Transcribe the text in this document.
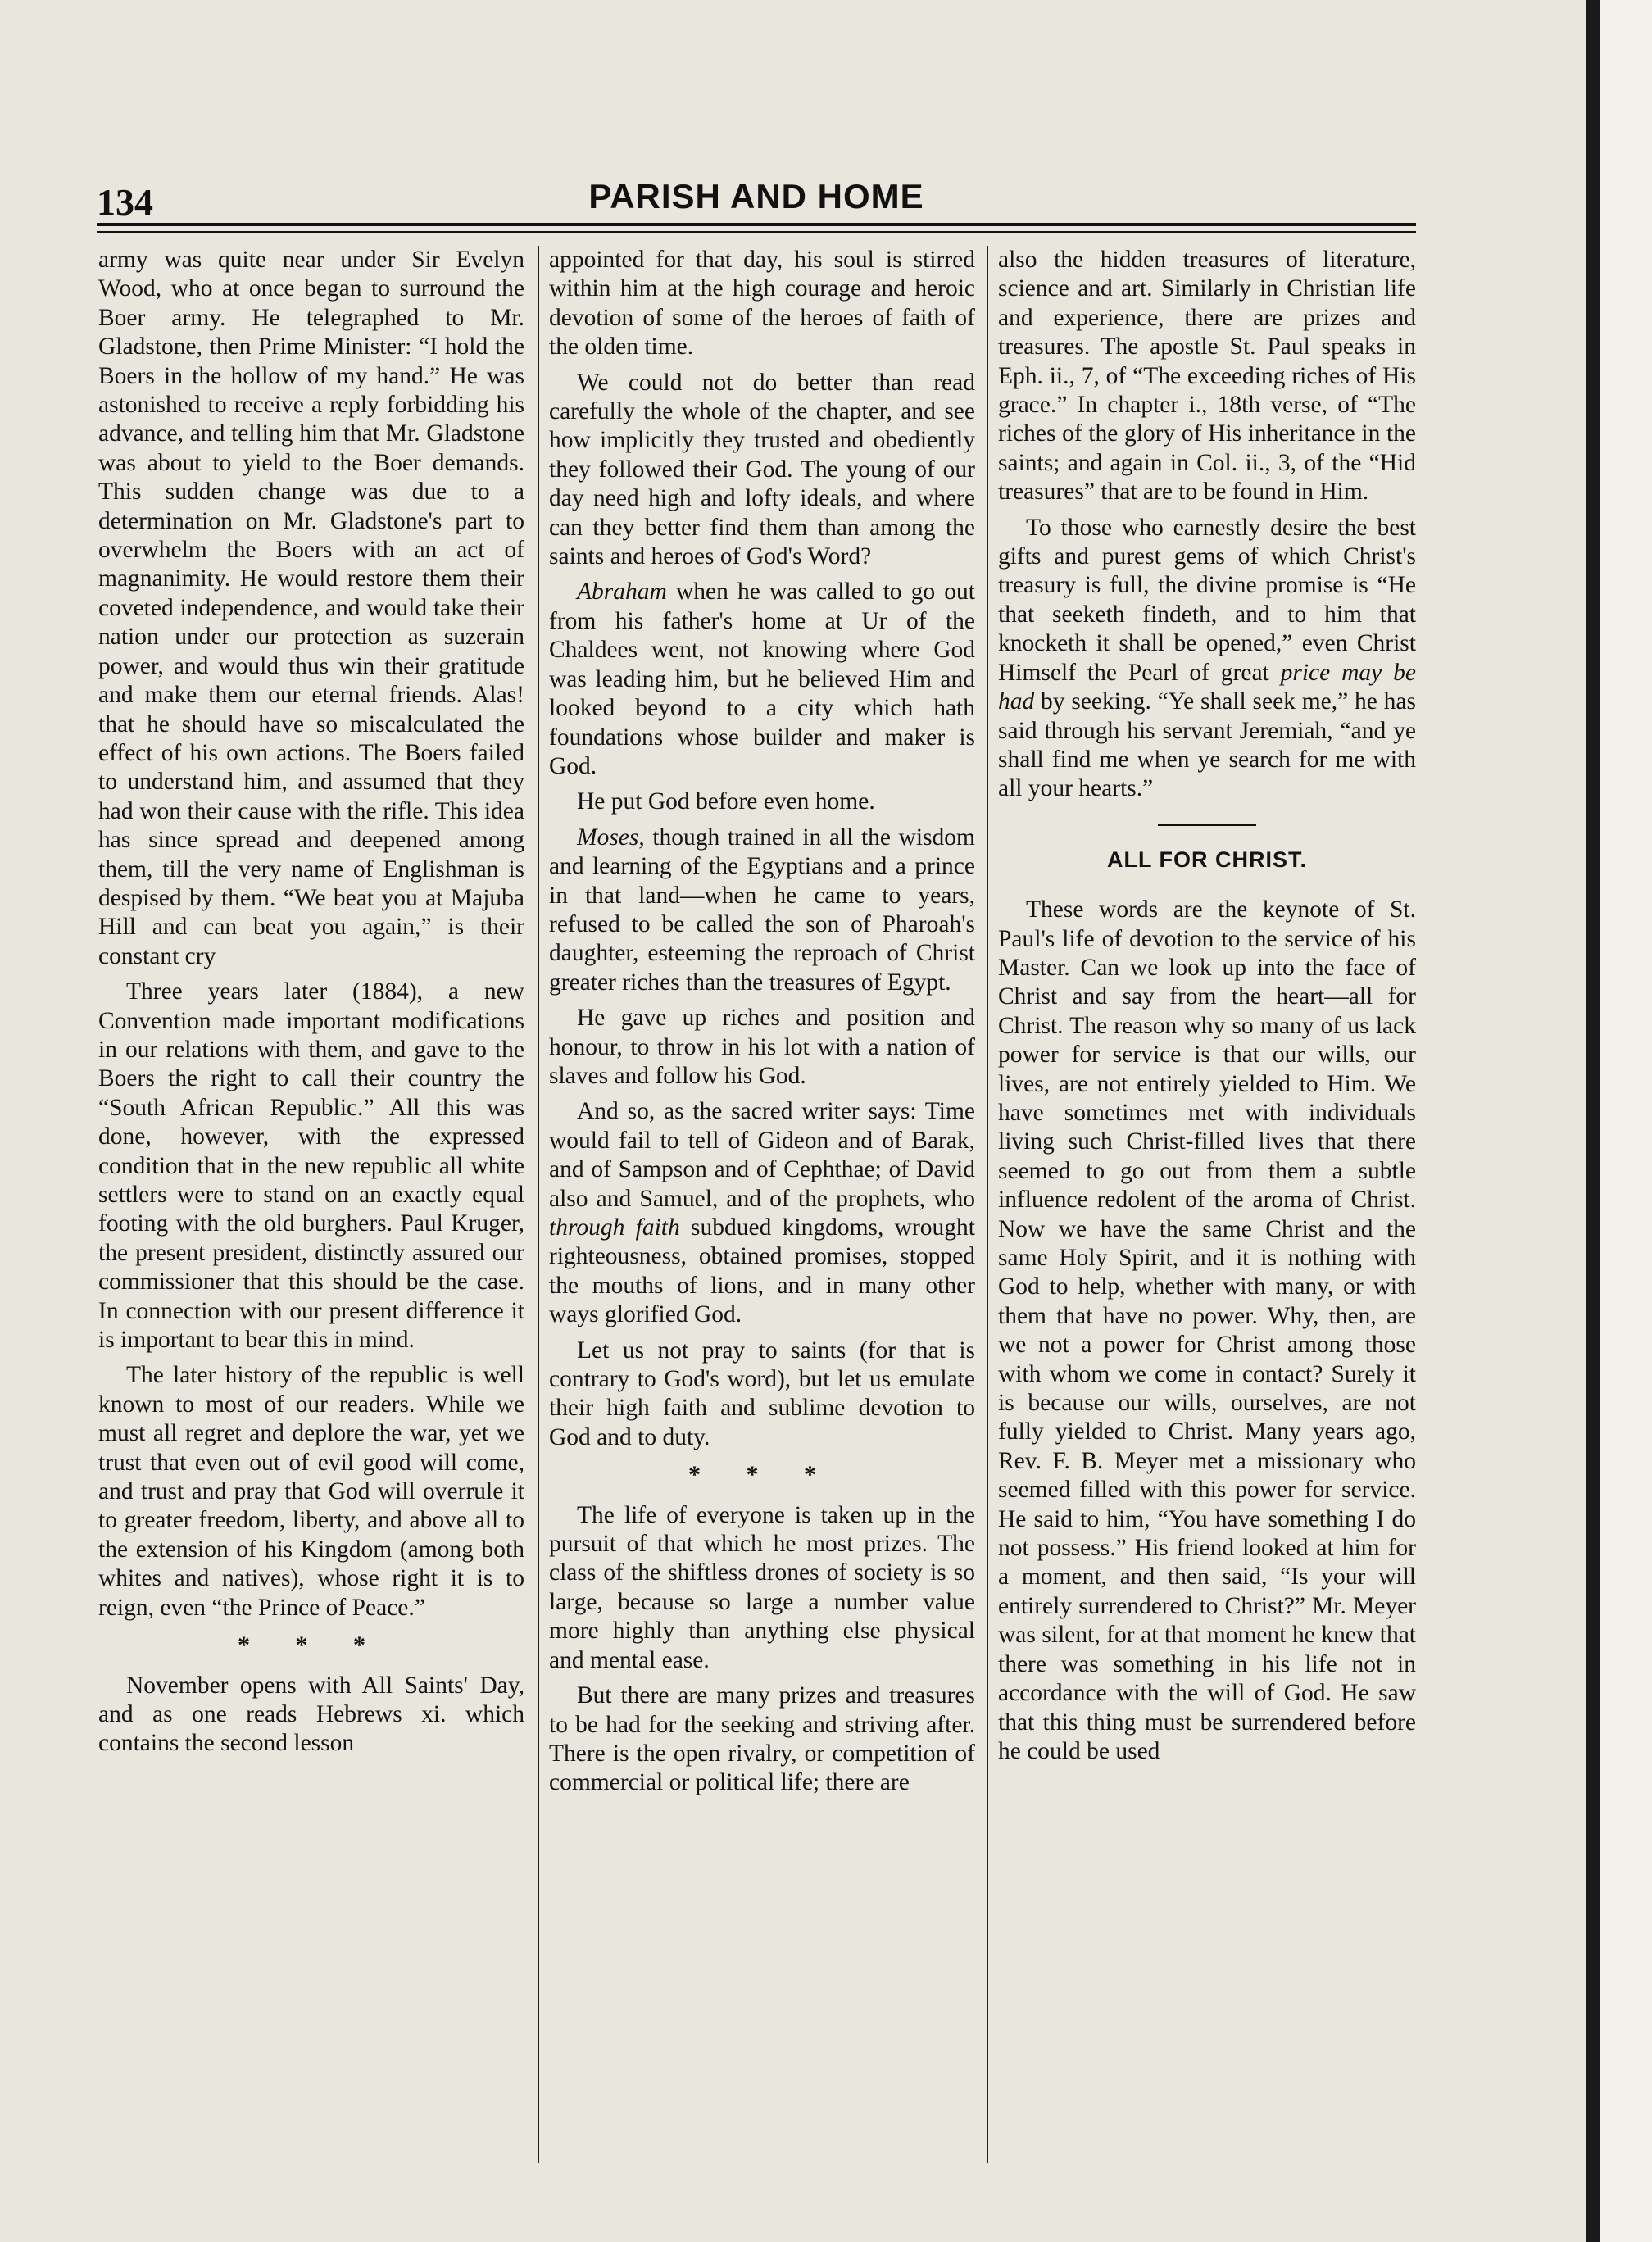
134	PARISH AND HOME

army was quite near under Sir Evelyn Wood, who at once began to surround the Boer army. He telegraphed to Mr. Gladstone, then Prime Minister: “I hold the Boers in the hollow of my hand.” He was astonished to receive a reply forbidding his advance, and telling him that Mr. Gladstone was about to yield to the Boer demands. This sudden change was due to a determination on Mr. Gladstone's part to overwhelm the Boers with an act of magnanimity. He would restore them their coveted independence, and would take their nation under our protection as suzerain power, and would thus win their gratitude and make them our eternal friends. Alas! that he should have so miscalculated the effect of his own actions. The Boers failed to understand him, and assumed that they had won their cause with the rifle. This idea has since spread and deepened among them, till the very name of Englishman is despised by them. “We beat you at Majuba Hill and can beat you again,” is their constant cry

Three years later (1884), a new Convention made important modifications in our relations with them, and gave to the Boers the right to call their country the “South African Republic.” All this was done, however, with the expressed condition that in the new republic all white settlers were to stand on an exactly equal footing with the old burghers. Paul Kruger, the present president, distinctly assured our commissioner that this should be the case. In connection with our present difference it is important to bear this in mind.

The later history of the republic is well known to most of our readers. While we must all regret and deplore the war, yet we trust that even out of evil good will come, and trust and pray that God will overrule it to greater freedom, liberty, and above all to the extension of his Kingdom (among both whites and natives), whose right it is to reign, even “the Prince of Peace.”

* * *

November opens with All Saints' Day, and as one reads Hebrews xi. which contains the second lesson

appointed for that day, his soul is stirred within him at the high courage and heroic devotion of some of the heroes of faith of the olden time.

We could not do better than read carefully the whole of the chapter, and see how implicitly they trusted and obediently they followed their God. The young of our day need high and lofty ideals, and where can they better find them than among the saints and heroes of God's Word?

Abraham when he was called to go out from his father's home at Ur of the Chaldees went, not knowing where God was leading him, but he believed Him and looked beyond to a city which hath foundations whose builder and maker is God.

He put God before even home.

Moses, though trained in all the wisdom and learning of the Egyptians and a prince in that land—when he came to years, refused to be called the son of Pharoah's daughter, esteeming the reproach of Christ greater riches than the treasures of Egypt.

He gave up riches and position and honour, to throw in his lot with a nation of slaves and follow his God.

And so, as the sacred writer says: Time would fail to tell of Gideon and of Barak, and of Sampson and of Cephthae; of David also and Samuel, and of the prophets, who through faith subdued kingdoms, wrought righteousness, obtained promises, stopped the mouths of lions, and in many other ways glorified God.

Let us not pray to saints (for that is contrary to God's word), but let us emulate their high faith and sublime devotion to God and to duty.

* * *

The life of everyone is taken up in the pursuit of that which he most prizes. The class of the shiftless drones of society is so large, because so large a number value more highly than anything else physical and mental ease.

But there are many prizes and treasures to be had for the seeking and striving after. There is the open rivalry, or competition of commercial or political life; there are

also the hidden treasures of literature, science and art. Similarly in Christian life and experience, there are prizes and treasures. The apostle St. Paul speaks in Eph. ii., 7, of “The exceeding riches of His grace.” In chapter i., 18th verse, of “The riches of the glory of His inheritance in the saints; and again in Col. ii., 3, of the “Hid treasures” that are to be found in Him.

To those who earnestly desire the best gifts and purest gems of which Christ's treasury is full, the divine promise is “He that seeketh findeth, and to him that knocketh it shall be opened,” even Christ Himself the Pearl of great price may be had by seeking. “Ye shall seek me,” he has said through his servant Jeremiah, “and ye shall find me when ye search for me with all your hearts.”

ALL FOR CHRIST.

These words are the keynote of St. Paul's life of devotion to the service of his Master. Can we look up into the face of Christ and say from the heart—all for Christ. The reason why so many of us lack power for service is that our wills, our lives, are not entirely yielded to Him. We have sometimes met with individuals living such Christ-filled lives that there seemed to go out from them a subtle influence redolent of the aroma of Christ. Now we have the same Christ and the same Holy Spirit, and it is nothing with God to help, whether with many, or with them that have no power. Why, then, are we not a power for Christ among those with whom we come in contact? Surely it is because our wills, ourselves, are not fully yielded to Christ. Many years ago, Rev. F. B. Meyer met a missionary who seemed filled with this power for service. He said to him, “You have something I do not possess.” His friend looked at him for a moment, and then said, “Is your will entirely surrendered to Christ?” Mr. Meyer was silent, for at that moment he knew that there was something in his life not in accordance with the will of God. He saw that this thing must be surrendered before he could be used
